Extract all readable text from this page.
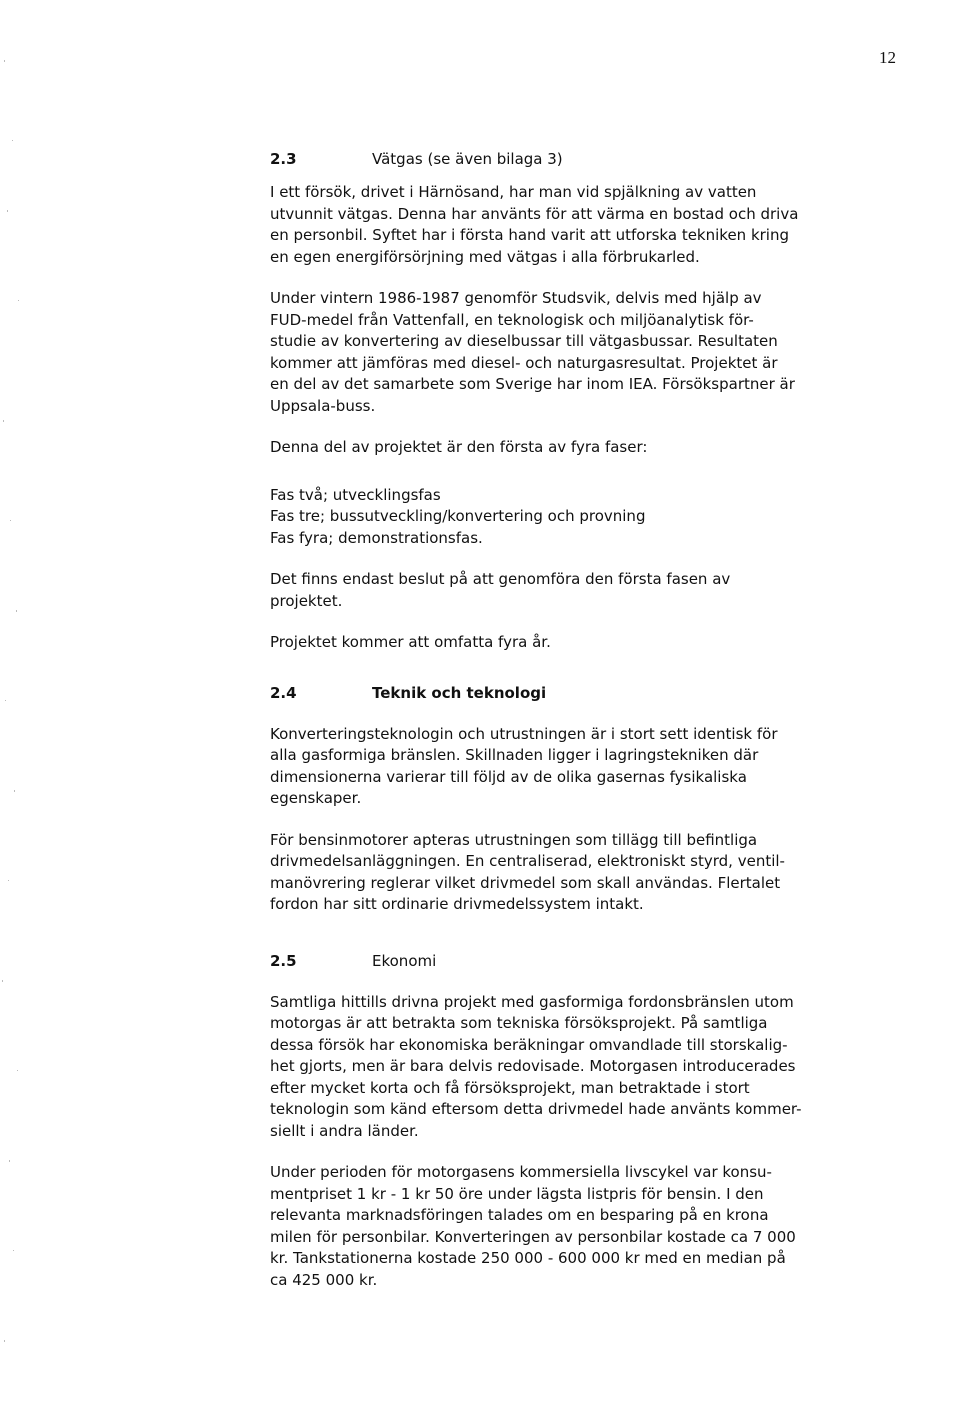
12
2.3	Vätgas (se även bilaga 3)

I ett försök, drivet i Härnösand, har man vid spjälkning av vatten
utvunnit vätgas. Denna har använts för att värma en bostad och driva
en personbil. Syftet har i första hand varit att utforska tekniken kring
en egen energiförsörjning med vätgas i alla förbrukarled.

Under vintern 1986-1987 genomför Studsvik, delvis med hjälp av
FUD-medel från Vattenfall, en teknologisk och miljöanalytisk för-
studie av konvertering av dieselbussar till vätgasbussar. Resultaten
kommer att jämföras med diesel- och naturgasresultat. Projektet är
en del av det samarbete som Sverige har inom IEA. Försökspartner är
Uppsala-buss.

Denna del av projektet är den första av fyra faser:

Fas två; utvecklingsfas
Fas tre; bussutveckling/konvertering och provning
Fas fyra; demonstrationsfas.

Det finns endast beslut på att genomföra den första fasen av
projektet.

Projektet kommer att omfatta fyra år.

2.4	Teknik och teknologi

Konverteringsteknologin och utrustningen är i stort sett identisk för
alla gasformiga bränslen. Skillnaden ligger i lagringstekniken där
dimensionerna varierar till följd av de olika gasernas fysikaliska
egenskaper.

För bensinmotorer apteras utrustningen som tillägg till befintliga
drivmedelsanläggningen. En centraliserad, elektroniskt styrd, ventil-
manövrering reglerar vilket drivmedel som skall användas. Flertalet
fordon har sitt ordinarie drivmedelssystem intakt.

2.5	Ekonomi

Samtliga hittills drivna projekt med gasformiga fordonsbränslen utom
motorgas är att betrakta som tekniska försöksprojekt. På samtliga
dessa försök har ekonomiska beräkningar omvandlade till storskalig-
het gjorts, men är bara delvis redovisade. Motorgasen introducerades
efter mycket korta och få försöksprojekt, man betraktade i stort
teknologin som känd eftersom detta drivmedel hade använts kommer-
siellt i andra länder.

Under perioden för motorgasens kommersiella livscykel var konsu-
mentpriset 1 kr - 1 kr 50 öre under lägsta listpris för bensin. I den
relevanta marknadsföringen talades om en besparing på en krona
milen för personbilar. Konverteringen av personbilar kostade ca 7 000
kr. Tankstationerna kostade 250 000 - 600 000 kr med en median på
ca 425 000 kr.
